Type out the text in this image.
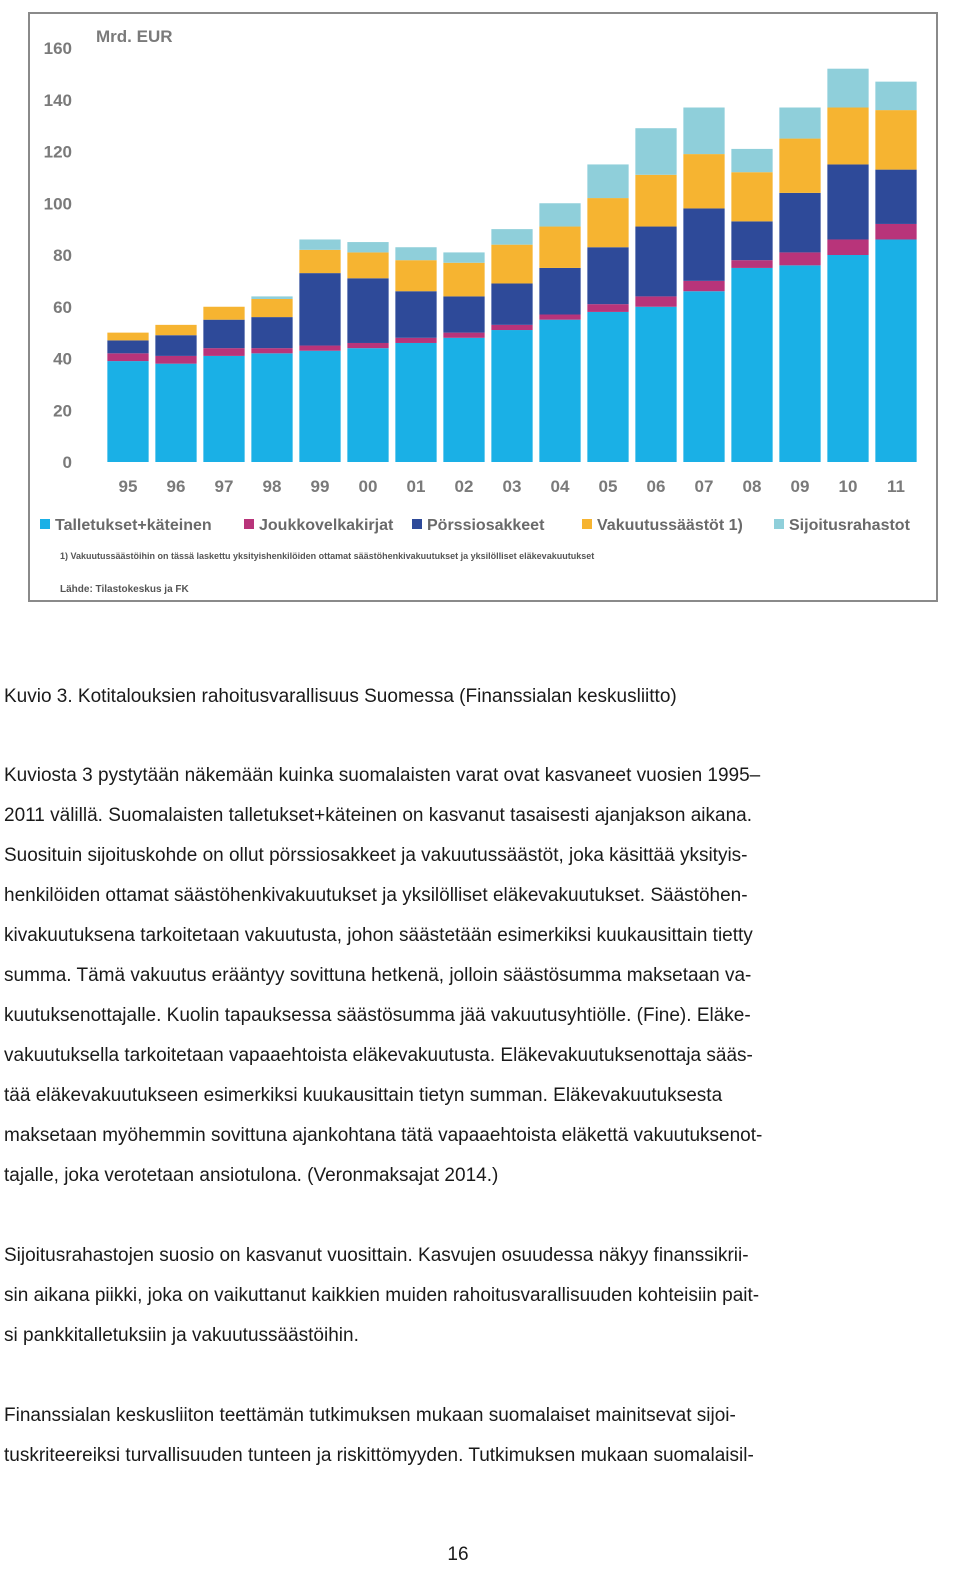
Mrd. EUR
0
20
40
60
80
100
120
140
160
95 96 97 98 99 00 01 02 03 04 05 06 07 08 09 10 11
Talletukset+käteinen	Joukkovelkakirjat Pörssiosakkeet	Vakuutussäästöt 1)	Sijoitusrahastot
1) Vakuutussäästöihin on tässä laskettu yksityishenkilöiden ottamat säästöhenkivakuutukset ja yksilölliset eläkevakuutukset
Lähde: Tilastokeskus ja FK
Kuvio 3. Kotitalouksien rahoitusvarallisuus Suomessa (Finanssialan keskusliitto)
Kuviosta 3 pystytään näkemään kuinka suomalaisten varat ovat kasvaneet vuosien 1995–
2011 välillä. Suomalaisten talletukset+käteinen on kasvanut tasaisesti ajanjakson aikana.
Suosituin sijoituskohde on ollut pörssiosakkeet ja vakuutussäästöt, joka käsittää yksityis-
henkilöiden ottamat säästöhenkivakuutukset ja yksilölliset eläkevakuutukset. Säästöhen-
kivakuutuksena tarkoitetaan vakuutusta, johon säästetään esimerkiksi kuukausittain tietty
summa. Tämä vakuutus erääntyy sovittuna hetkenä, jolloin säästösumma maksetaan va-
kuutuksenottajalle. Kuolin tapauksessa säästösumma jää vakuutusyhtiölle. (Fine). Eläke-
vakuutuksella tarkoitetaan vapaaehtoista eläkevakuutusta. Eläkevakuutuksenottaja sääs-
tää eläkevakuutukseen esimerkiksi kuukausittain tietyn summan. Eläkevakuutuksesta
maksetaan myöhemmin sovittuna ajankohtana tätä vapaaehtoista eläkettä vakuutuksenot-
tajalle, joka verotetaan ansiotulona. (Veronmaksajat 2014.)
Sijoitusrahastojen suosio on kasvanut vuosittain. Kasvujen osuudessa näkyy finanssikrii-
sin aikana piikki, joka on vaikuttanut kaikkien muiden rahoitusvarallisuuden kohteisiin pait-
si pankkitalletuksiin ja vakuutussäästöihin.
Finanssialan keskusliiton teettämän tutkimuksen mukaan suomalaiset mainitsevat sijoi-
tuskriteereiksi turvallisuuden tunteen ja riskittömyyden. Tutkimuksen mukaan suomalaisil-
16
